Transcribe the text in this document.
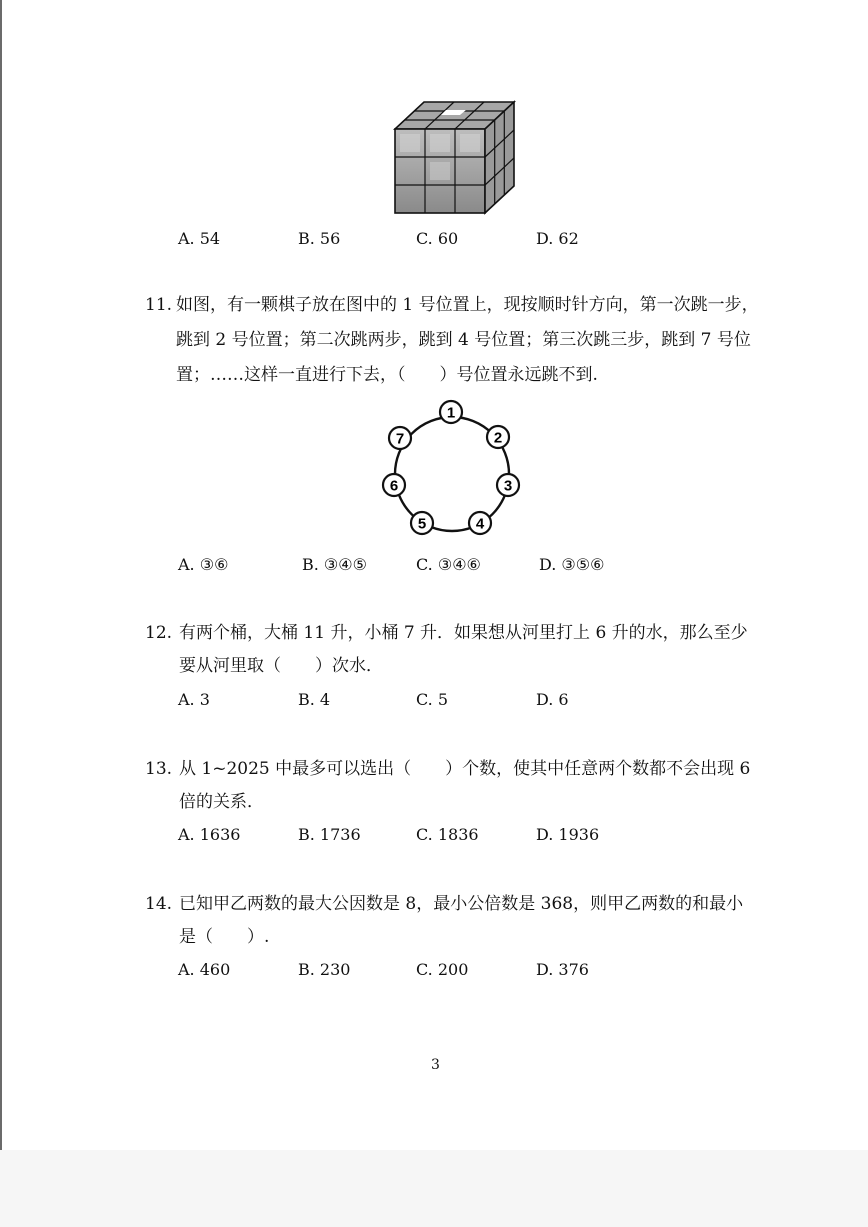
A. 54	B. 56	C. 60	D. 62
11. 如图，有一颗棋子放在图中的 1 号位置上，现按顺时针方向，第一次跳一步，
跳到 2 号位置；第二次跳两步，跳到 4 号位置；第三次跳三步，跳到 7 号位
置；……这样一直进行下去，（　　）号位置永远跳不到.
1
2
3
4
5
6
7
A. ③⑥	B. ③④⑤	C. ③④⑥	D. ③⑤⑥
12. 有两个桶，大桶 11 升，小桶 7 升．如果想从河里打上 6 升的水，那么至少
要从河里取（　　）次水．
A. 3	B. 4	C. 5	D. 6
13. 从 1~2025 中最多可以选出（　　）个数，使其中任意两个数都不会出现 6
倍的关系．
A. 1636	B. 1736	C. 1836	D. 1936
14. 已知甲乙两数的最大公因数是 8，最小公倍数是 368，则甲乙两数的和最小
是（　　）.
A. 460	B. 230	C. 200	D. 376
3
